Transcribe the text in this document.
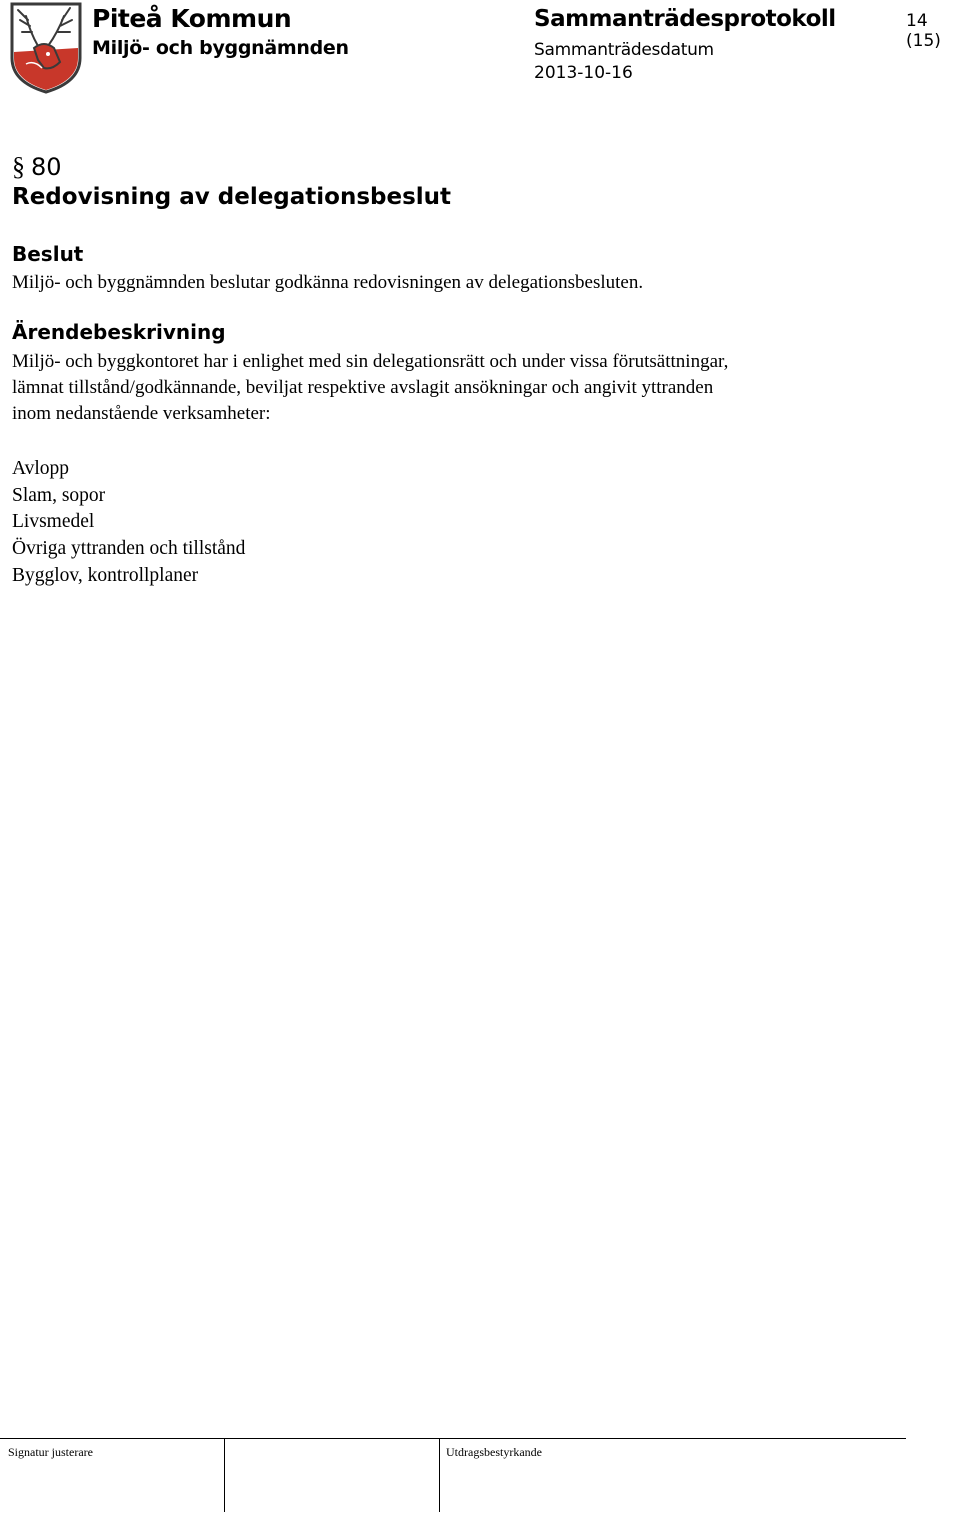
Piteå Kommun
Miljö- och byggnämnden
Sammanträdesprotokoll
Sammanträdesdatum
2013-10-16
14 (15)
§ 80
Redovisning av delegationsbeslut
Beslut
Miljö- och byggnämnden beslutar godkänna redovisningen av delegationsbesluten.
Ärendebeskrivning
Miljö- och byggkontoret har i enlighet med sin delegationsrätt och under vissa förutsättningar,
lämnat tillstånd/godkännande, beviljat respektive avslagit ansökningar och angivit yttranden
inom nedanstående verksamheter:
Avlopp
Slam, sopor
Livsmedel
Övriga yttranden och tillstånd
Bygglov, kontrollplaner
Signatur justerare	Utdragsbestyrkande
